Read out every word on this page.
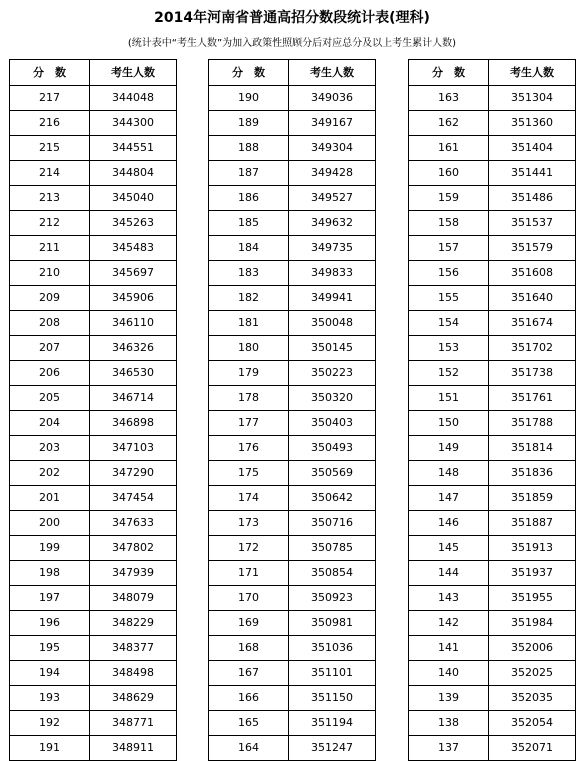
2014年河南省普通高招分数段统计表(理科)
(统计表中“考生人数”为加入政策性照顾分后对应总分及以上考生累计人数)
分　数	考生人数
217	344048
216	344300
215	344551
214	344804
213	345040
212	345263
211	345483
210	345697
209	345906
208	346110
207	346326
206	346530
205	346714
204	346898
203	347103
202	347290
201	347454
200	347633
199	347802
198	347939
197	348079
196	348229
195	348377
194	348498
193	348629
192	348771
191	348911
分　数	考生人数
190	349036
189	349167
188	349304
187	349428
186	349527
185	349632
184	349735
183	349833
182	349941
181	350048
180	350145
179	350223
178	350320
177	350403
176	350493
175	350569
174	350642
173	350716
172	350785
171	350854
170	350923
169	350981
168	351036
167	351101
166	351150
165	351194
164	351247
分　数	考生人数
163	351304
162	351360
161	351404
160	351441
159	351486
158	351537
157	351579
156	351608
155	351640
154	351674
153	351702
152	351738
151	351761
150	351788
149	351814
148	351836
147	351859
146	351887
145	351913
144	351937
143	351955
142	351984
141	352006
140	352025
139	352035
138	352054
137	352071
